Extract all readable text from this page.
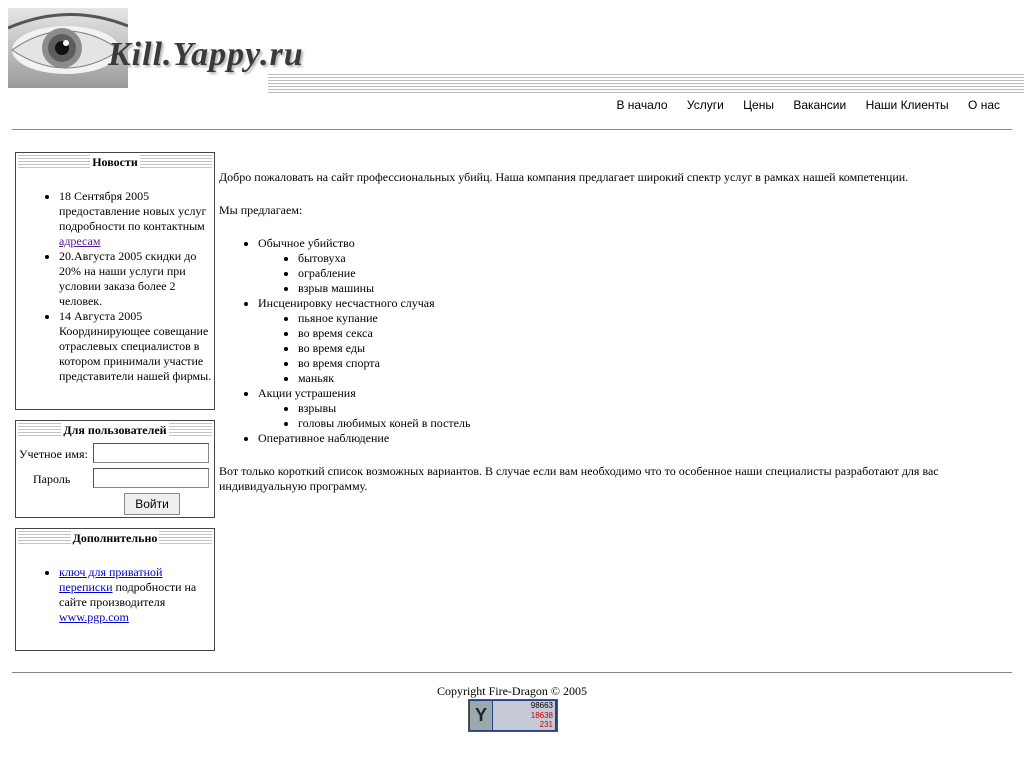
Kill.Yappy.ru
В начало Услуги Цены Вакансии Наши Клиенты О нас
Новости
• 18 Сентября 2005 предоставление новых услуг подробности по контактным адресам
• 20.Августа 2005 скидки до 20% на наши услуги при условии заказа более 2 человек.
• 14 Августа 2005 Координирующее совещание отраслевых специалистов в котором принимали участие представители нашей фирмы.
Для пользователей
Учетное имя:
Пароль
Войти
Дополнительно
• ключ для приватной переписки подробности на сайте производителя www.pgp.com

Добро пожаловать на сайт профессиональных убийц. Наша компания предлагает широкий спектр услуг в рамках нашей компетенции.

Мы предлагаем:

• Обычное убийство
• бытовуха
• ограбление
• взрыв машины
• Инсценировку несчастного случая
• пьяное купание
• во время секса
• во время еды
• во время спорта
• маньяк
• Акции устрашения
• взрывы
• головы любимых коней в постель
• Оперативное наблюдение

Вот только короткий список возможных вариантов. В случае если вам необходимо что то особенное наши специалисты разработают для вас индивидуальную программу.

Copyright Fire-Dragon © 2005
Y	98663
18638
231
